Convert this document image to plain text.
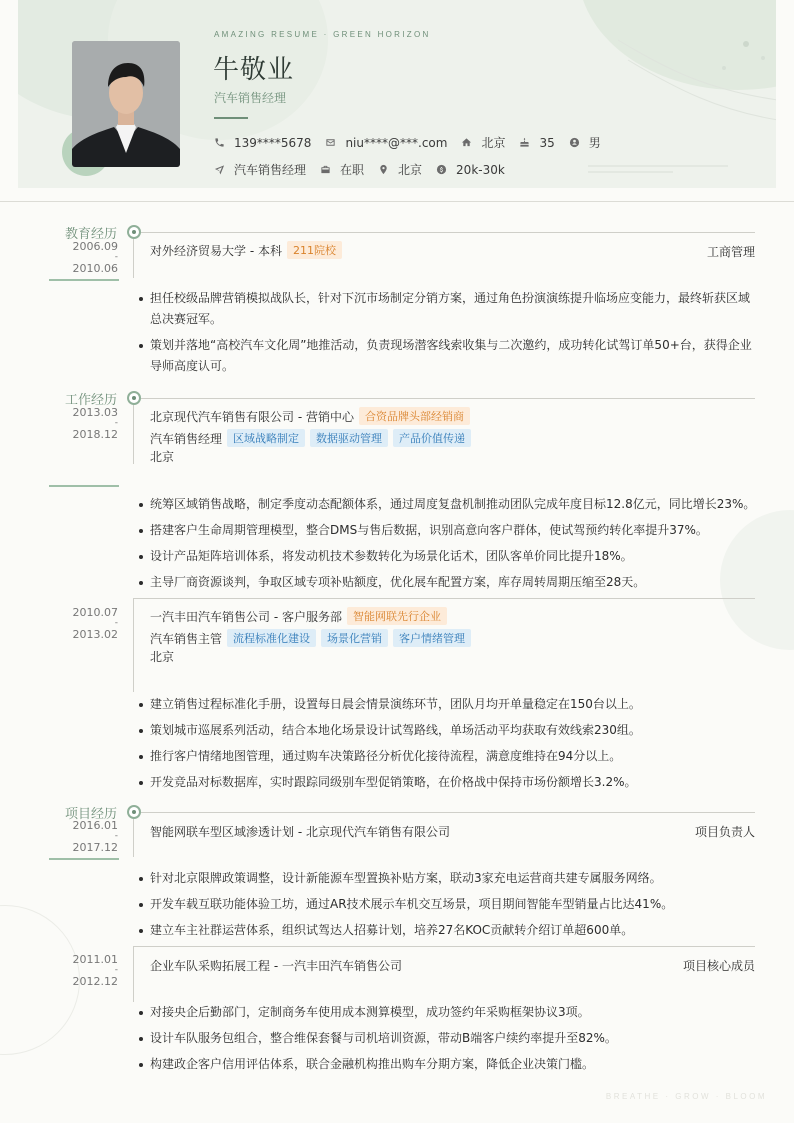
AMAZING RESUME · GREEN HORIZON
牛敬业
汽车销售经理
139****5678	niu****@***.com	北京	35	男
汽车销售经理	在职	北京	20k-30k
教育经历
2006.09
-
2010.06
对外经济贸易大学 - 本科	211院校	工商管理
担任校级品牌营销模拟战队长，针对下沉市场制定分销方案，通过角色扮演演练提升临场应变能力，最终斩获区域总决赛冠军。
策划并落地“高校汽车文化周”地推活动，负责现场潜客线索收集与二次邀约，成功转化试驾订单50+台，获得企业导师高度认可。
工作经历
2013.03
-
2018.12
北京现代汽车销售有限公司 - 营销中心	合资品牌头部经销商
汽车销售经理	区域战略制定	数据驱动管理	产品价值传递
北京
统筹区域销售战略，制定季度动态配额体系，通过周度复盘机制推动团队完成年度目标12.8亿元，同比增长23%。
搭建客户生命周期管理模型，整合DMS与售后数据，识别高意向客户群体，使试驾预约转化率提升37%。
设计产品矩阵培训体系，将发动机技术参数转化为场景化话术，团队客单价同比提升18%。
主导厂商资源谈判，争取区域专项补贴额度，优化展车配置方案，库存周转周期压缩至28天。
2010.07
-
2013.02
一汽丰田汽车销售公司 - 客户服务部	智能网联先行企业
汽车销售主管	流程标准化建设	场景化营销	客户情绪管理
北京
建立销售过程标准化手册，设置每日晨会情景演练环节，团队月均开单量稳定在150台以上。
策划城市巡展系列活动，结合本地化场景设计试驾路线，单场活动平均获取有效线索230组。
推行客户情绪地图管理，通过购车决策路径分析优化接待流程，满意度维持在94分以上。
开发竞品对标数据库，实时跟踪同级别车型促销策略，在价格战中保持市场份额增长3.2%。
项目经历
2016.01
-
2017.12
智能网联车型区域渗透计划 - 北京现代汽车销售有限公司	项目负责人
针对北京限牌政策调整，设计新能源车型置换补贴方案，联动3家充电运营商共建专属服务网络。
开发车载互联功能体验工坊，通过AR技术展示车机交互场景，项目期间智能车型销量占比达41%。
建立车主社群运营体系，组织试驾达人招募计划，培养27名KOC贡献转介绍订单超600单。
2011.01
-
2012.12
企业车队采购拓展工程 - 一汽丰田汽车销售公司	项目核心成员
对接央企后勤部门，定制商务车使用成本测算模型，成功签约年采购框架协议3项。
设计车队服务包组合，整合维保套餐与司机培训资源，带动B端客户续约率提升至82%。
构建政企客户信用评估体系，联合金融机构推出购车分期方案，降低企业决策门槛。
BREATHE · GROW · BLOOM
